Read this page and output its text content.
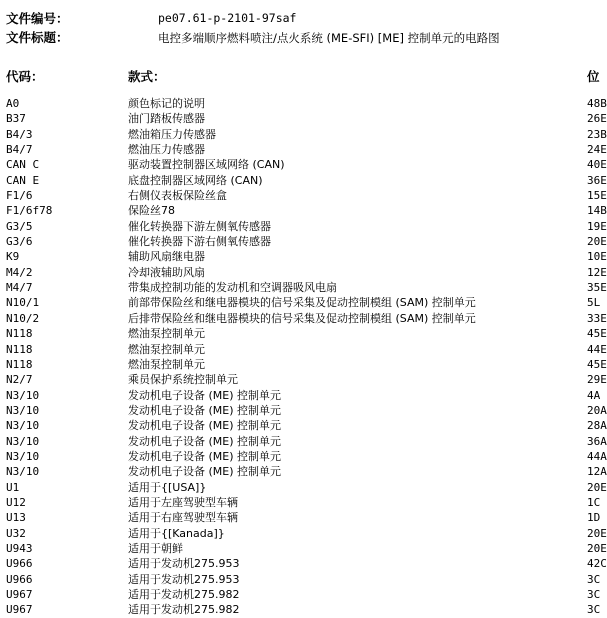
文件编号：	pe07.61-p-2101-97saf
文件标题：	电控多端顺序燃料喷注/点火系统 (ME-SFI) [ME] 控制单元的电路图
代码：	款式：	位
A0	颜色标记的说明	48B
B37	油门踏板传感器	26E
B4/3	燃油箱压力传感器	23B
B4/7	燃油压力传感器	24E
CAN C	驱动装置控制器区域网络 (CAN)	40E
CAN E	底盘控制器区域网络 (CAN)	36E
F1/6	右侧仪表板保险丝盒	15E
F1/6f78	保险丝78	14B
G3/5	催化转换器下游左侧氧传感器	19E
G3/6	催化转换器下游右侧氧传感器	20E
K9	辅助风扇继电器	10E
M4/2	冷却液辅助风扇	12E
M4/7	带集成控制功能的发动机和空调器吸风电扇	35E
N10/1	前部带保险丝和继电器模块的信号采集及促动控制模组 (SAM) 控制单元	5L
N10/2	后排带保险丝和继电器模块的信号采集及促动控制模组 (SAM) 控制单元	33E
N118	燃油泵控制单元	45E
N118	燃油泵控制单元	44E
N118	燃油泵控制单元	45E
N2/7	乘员保护系统控制单元	29E
N3/10	发动机电子设备 (ME) 控制单元	4A
N3/10	发动机电子设备 (ME) 控制单元	20A
N3/10	发动机电子设备 (ME) 控制单元	28A
N3/10	发动机电子设备 (ME) 控制单元	36A
N3/10	发动机电子设备 (ME) 控制单元	44A
N3/10	发动机电子设备 (ME) 控制单元	12A
U1	适用于{[USA]}	20E
U12	适用于左座驾驶型车辆	1C
U13	适用于右座驾驶型车辆	1D
U32	适用于{[Kanada]}	20E
U943	适用于朝鲜	20E
U966	适用于发动机275.953	42C
U966	适用于发动机275.953	3C
U967	适用于发动机275.982	3C
U967	适用于发动机275.982	3C
